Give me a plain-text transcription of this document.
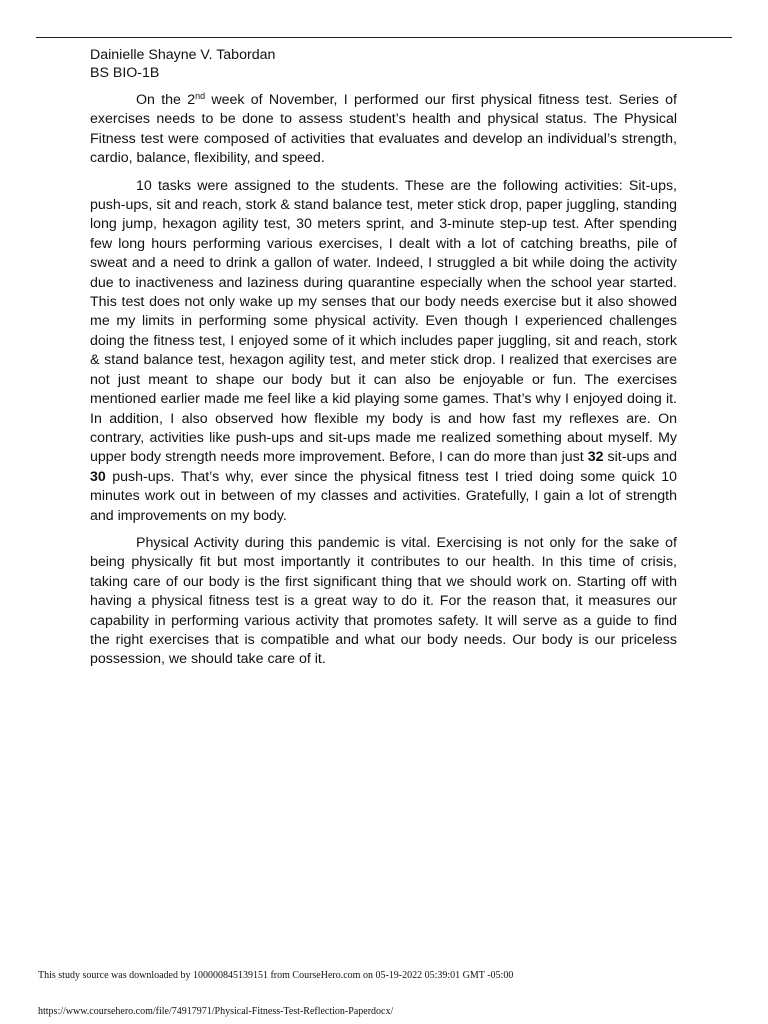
Dainielle Shayne V. Tabordan

BS BIO-1B

On the 2nd week of November, I performed our first physical fitness test. Series of exercises needs to be done to assess student’s health and physical status. The Physical Fitness test were composed of activities that evaluates and develop an individual’s strength, cardio, balance, flexibility, and speed.

10 tasks were assigned to the students. These are the following activities: Sit-ups, push-ups, sit and reach, stork & stand balance test, meter stick drop, paper juggling, standing long jump, hexagon agility test, 30 meters sprint, and 3-minute step-up test. After spending few long hours performing various exercises, I dealt with a lot of catching breaths, pile of sweat and a need to drink a gallon of water. Indeed, I struggled a bit while doing the activity due to inactiveness and laziness during quarantine especially when the school year started. This test does not only wake up my senses that our body needs exercise but it also showed me my limits in performing some physical activity. Even though I experienced challenges doing the fitness test, I enjoyed some of it which includes paper juggling, sit and reach, stork & stand balance test, hexagon agility test, and meter stick drop. I realized that exercises are not just meant to shape our body but it can also be enjoyable or fun. The exercises mentioned earlier made me feel like a kid playing some games. That’s why I enjoyed doing it. In addition, I also observed how flexible my body is and how fast my reflexes are. On contrary, activities like push-ups and sit-ups made me realized something about myself. My upper body strength needs more improvement. Before, I can do more than just 32 sit-ups and 30 push-ups. That’s why, ever since the physical fitness test I tried doing some quick 10 minutes work out in between of my classes and activities. Gratefully, I gain a lot of strength and improvements on my body.

Physical Activity during this pandemic is vital. Exercising is not only for the sake of being physically fit but most importantly it contributes to our health. In this time of crisis, taking care of our body is the first significant thing that we should work on. Starting off with having a physical fitness test is a great way to do it. For the reason that, it measures our capability in performing various activity that promotes safety. It will serve as a guide to find the right exercises that is compatible and what our body needs. Our body is our priceless possession, we should take care of it.

This study source was downloaded by 100000845139151 from CourseHero.com on 05-19-2022 05:39:01 GMT -05:00
https://www.coursehero.com/file/74917971/Physical-Fitness-Test-Reflection-Paperdocx/
